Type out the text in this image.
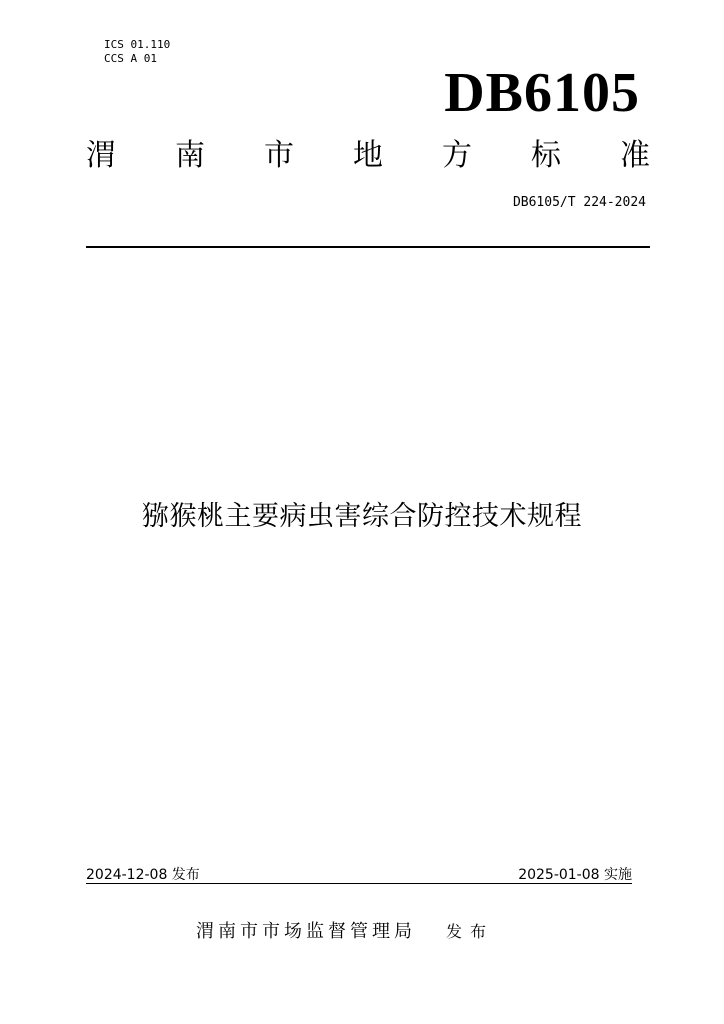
ICS 01.110
CCS A 01
DB6105
渭 南 市 地 方 标 准
DB6105/T 224-2024
猕猴桃主要病虫害综合防控技术规程
2024-12-08 发布	2025-01-08 实施
渭南市市场监督管理局 发布
